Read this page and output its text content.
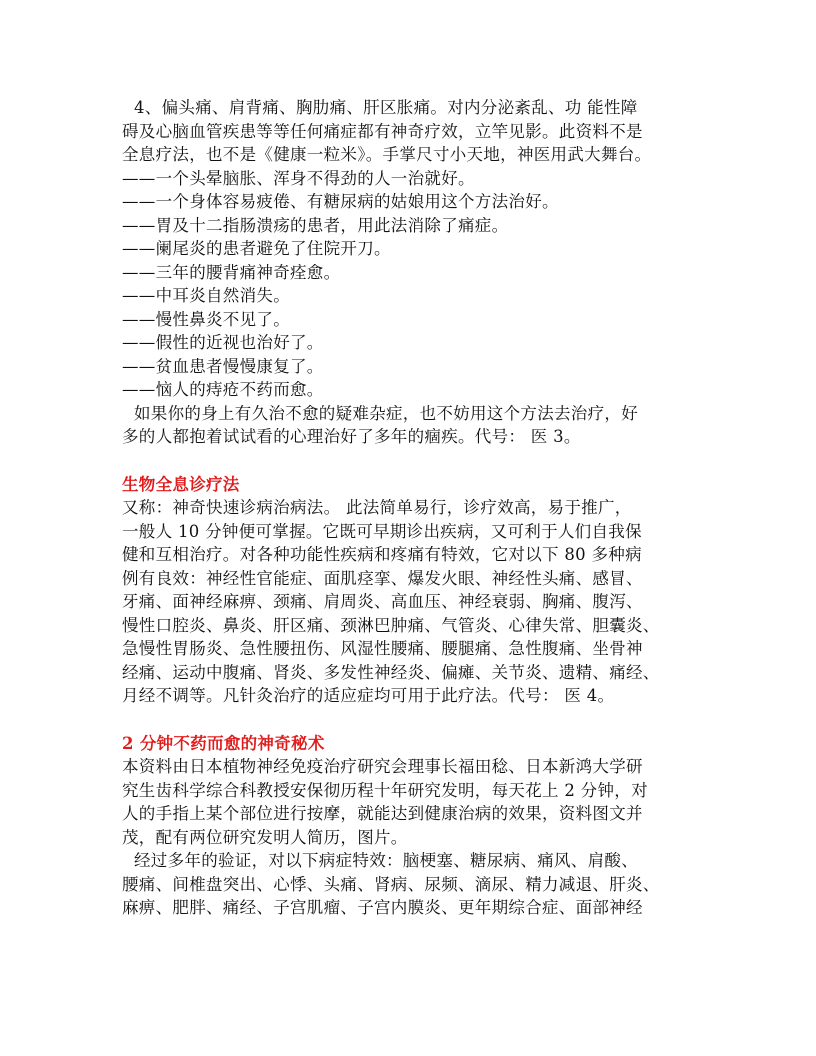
4、偏头痛、肩背痛、胸肋痛、肝区胀痛。对内分泌紊乱、功 能性障
碍及心脑血管疾患等等任何痛症都有神奇疗效，立竿见影。此资料不是
全息疗法，也不是《健康一粒米》。手掌尺寸小天地，神医用武大舞台。
——一个头晕脑胀、浑身不得劲的人一治就好。
——一个身体容易疲倦、有糖尿病的姑娘用这个方法治好。
——胃及十二指肠溃疡的患者，用此法消除了痛症。
——阑尾炎的患者避免了住院开刀。
——三年的腰背痛神奇痊愈。
——中耳炎自然消失。
——慢性鼻炎不见了。
——假性的近视也治好了。
——贫血患者慢慢康复了。
——恼人的痔疮不药而愈。
如果你的身上有久治不愈的疑难杂症，也不妨用这个方法去治疗，好
多的人都抱着试试看的心理治好了多年的痼疾。代号： 医 3。
生物全息诊疗法
又称：神奇快速诊病治病法。 此法简单易行，诊疗效高，易于推广，
一般人 10 分钟便可掌握。它既可早期诊出疾病，又可利于人们自我保
健和互相治疗。对各种功能性疾病和疼痛有特效，它对以下 80 多种病
例有良效：神经性官能症、面肌痉挛、爆发火眼、神经性头痛、感冒、
牙痛、面神经麻痹、颈痛、肩周炎、高血压、神经衰弱、胸痛、腹泻、
慢性口腔炎、鼻炎、肝区痛、颈淋巴肿痛、气管炎、心律失常、胆囊炎、
急慢性胃肠炎、急性腰扭伤、风湿性腰痛、腰腿痛、急性腹痛、坐骨神
经痛、运动中腹痛、肾炎、多发性神经炎、偏瘫、关节炎、遗精、痛经、
月经不调等。凡针灸治疗的适应症均可用于此疗法。代号： 医 4。
2 分钟不药而愈的神奇秘术
本资料由日本植物神经免疫治疗研究会理事长福田稔、日本新鸿大学研
究生齿科学综合科教授安保彻历程十年研究发明，每天花上 2 分钟，对
人的手指上某个部位进行按摩，就能达到健康治病的效果，资料图文并
茂，配有两位研究发明人简历，图片。
经过多年的验证，对以下病症特效：脑梗塞、糖尿病、痛风、肩酸、
腰痛、间椎盘突出、心悸、头痛、肾病、尿频、滴尿、精力减退、肝炎、
麻痹、肥胖、痛经、子宫肌瘤、子宫内膜炎、更年期综合症、面部神经
